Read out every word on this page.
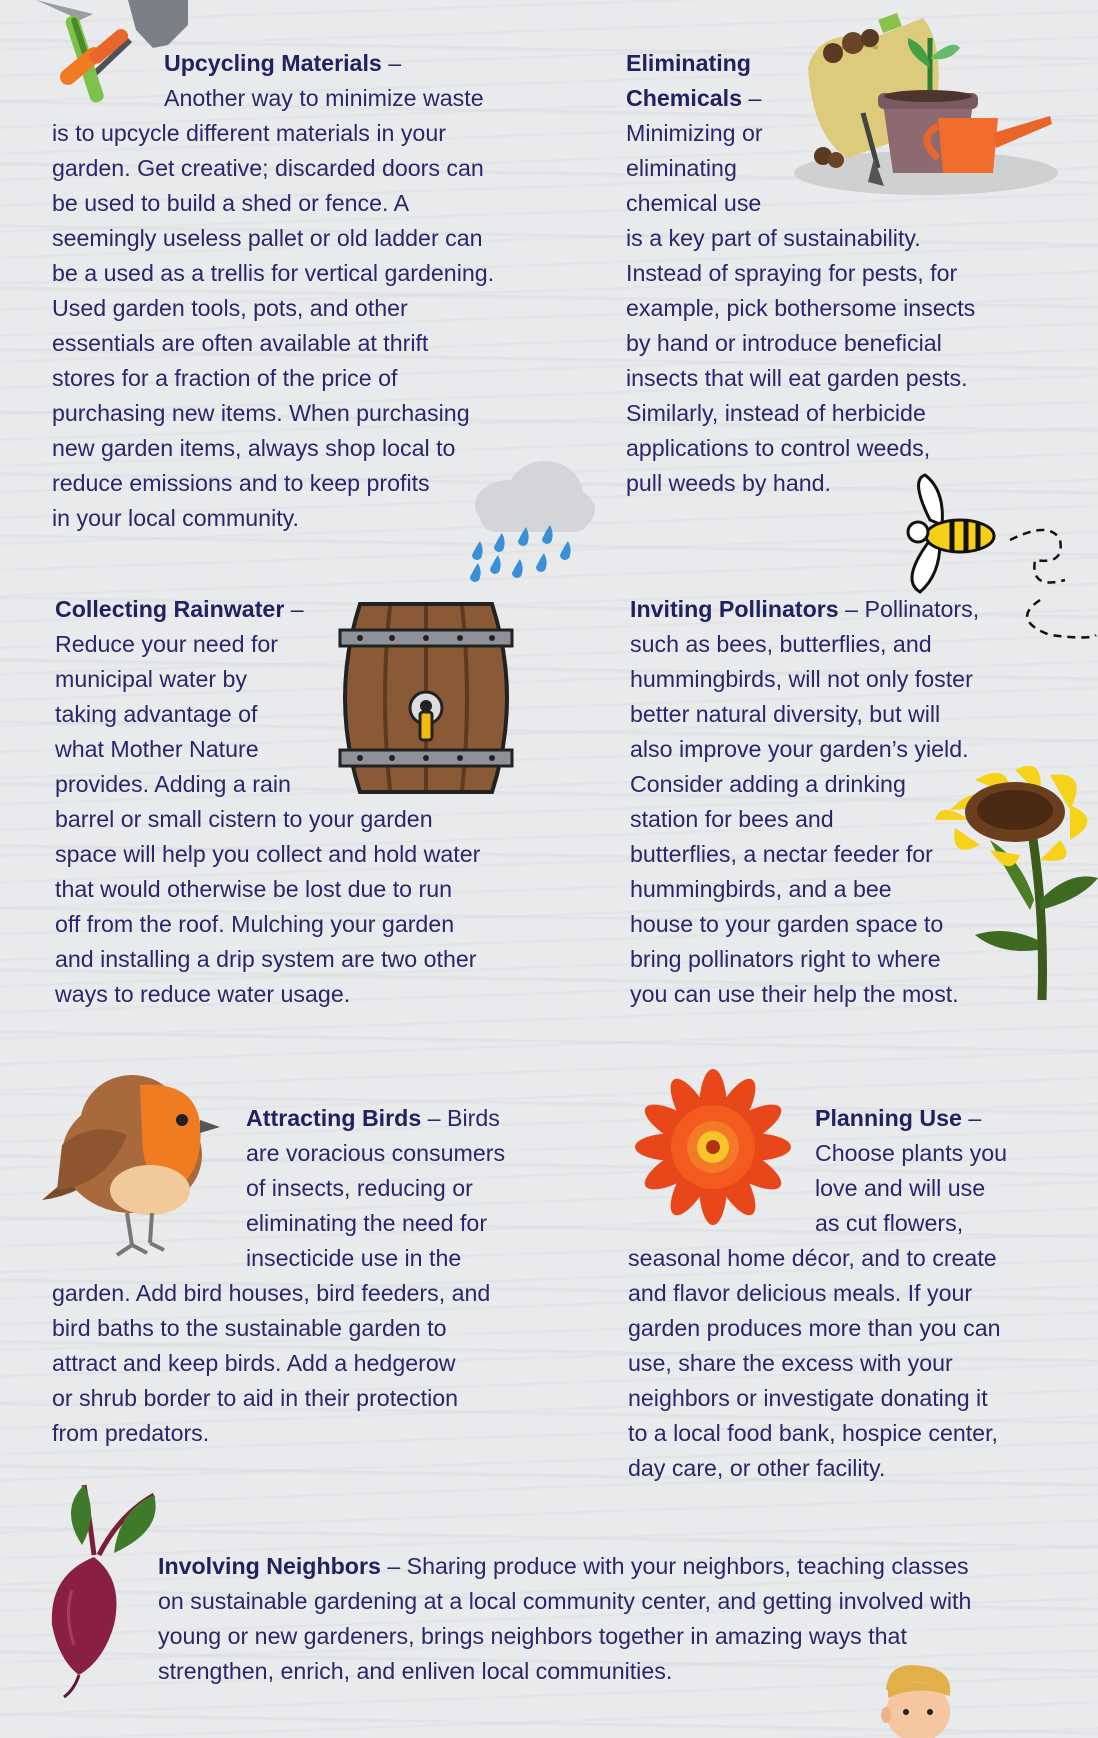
Upcycling Materials –
Another way to minimize waste
is to upcycle different materials in your
garden. Get creative; discarded doors can
be used to build a shed or fence. A
seemingly useless pallet or old ladder can
be a used as a trellis for vertical gardening.
Used garden tools, pots, and other
essentials are often available at thrift
stores for a fraction of the price of
purchasing new items. When purchasing
new garden items, always shop local to
reduce emissions and to keep profits
in your local community.
Eliminating
Chemicals –
Minimizing or
eliminating
chemical use
is a key part of sustainability.
Instead of spraying for pests, for
example, pick bothersome insects
by hand or introduce beneficial
insects that will eat garden pests.
Similarly, instead of herbicide
applications to control weeds,
pull weeds by hand.
Collecting Rainwater –
Reduce your need for
municipal water by
taking advantage of
what Mother Nature
provides. Adding a rain
barrel or small cistern to your garden
space will help you collect and hold water
that would otherwise be lost due to run
off from the roof. Mulching your garden
and installing a drip system are two other
ways to reduce water usage.
Inviting Pollinators – Pollinators,
such as bees, butterflies, and
hummingbirds, will not only foster
better natural diversity, but will
also improve your garden’s yield.
Consider adding a drinking
station for bees and
butterflies, a nectar feeder for
hummingbirds, and a bee
house to your garden space to
bring pollinators right to where
you can use their help the most.
Attracting Birds – Birds
are voracious consumers
of insects, reducing or
eliminating the need for
insecticide use in the
garden. Add bird houses, bird feeders, and
bird baths to the sustainable garden to
attract and keep birds. Add a hedgerow
or shrub border to aid in their protection
from predators.
Planning Use –
Choose plants you
love and will use
as cut flowers,
seasonal home décor, and to create
and flavor delicious meals. If your
garden produces more than you can
use, share the excess with your
neighbors or investigate donating it
to a local food bank, hospice center,
day care, or other facility.
Involving Neighbors – Sharing produce with your neighbors, teaching classes
on sustainable gardening at a local community center, and getting involved with
young or new gardeners, brings neighbors together in amazing ways that
strengthen, enrich, and enliven local communities.
